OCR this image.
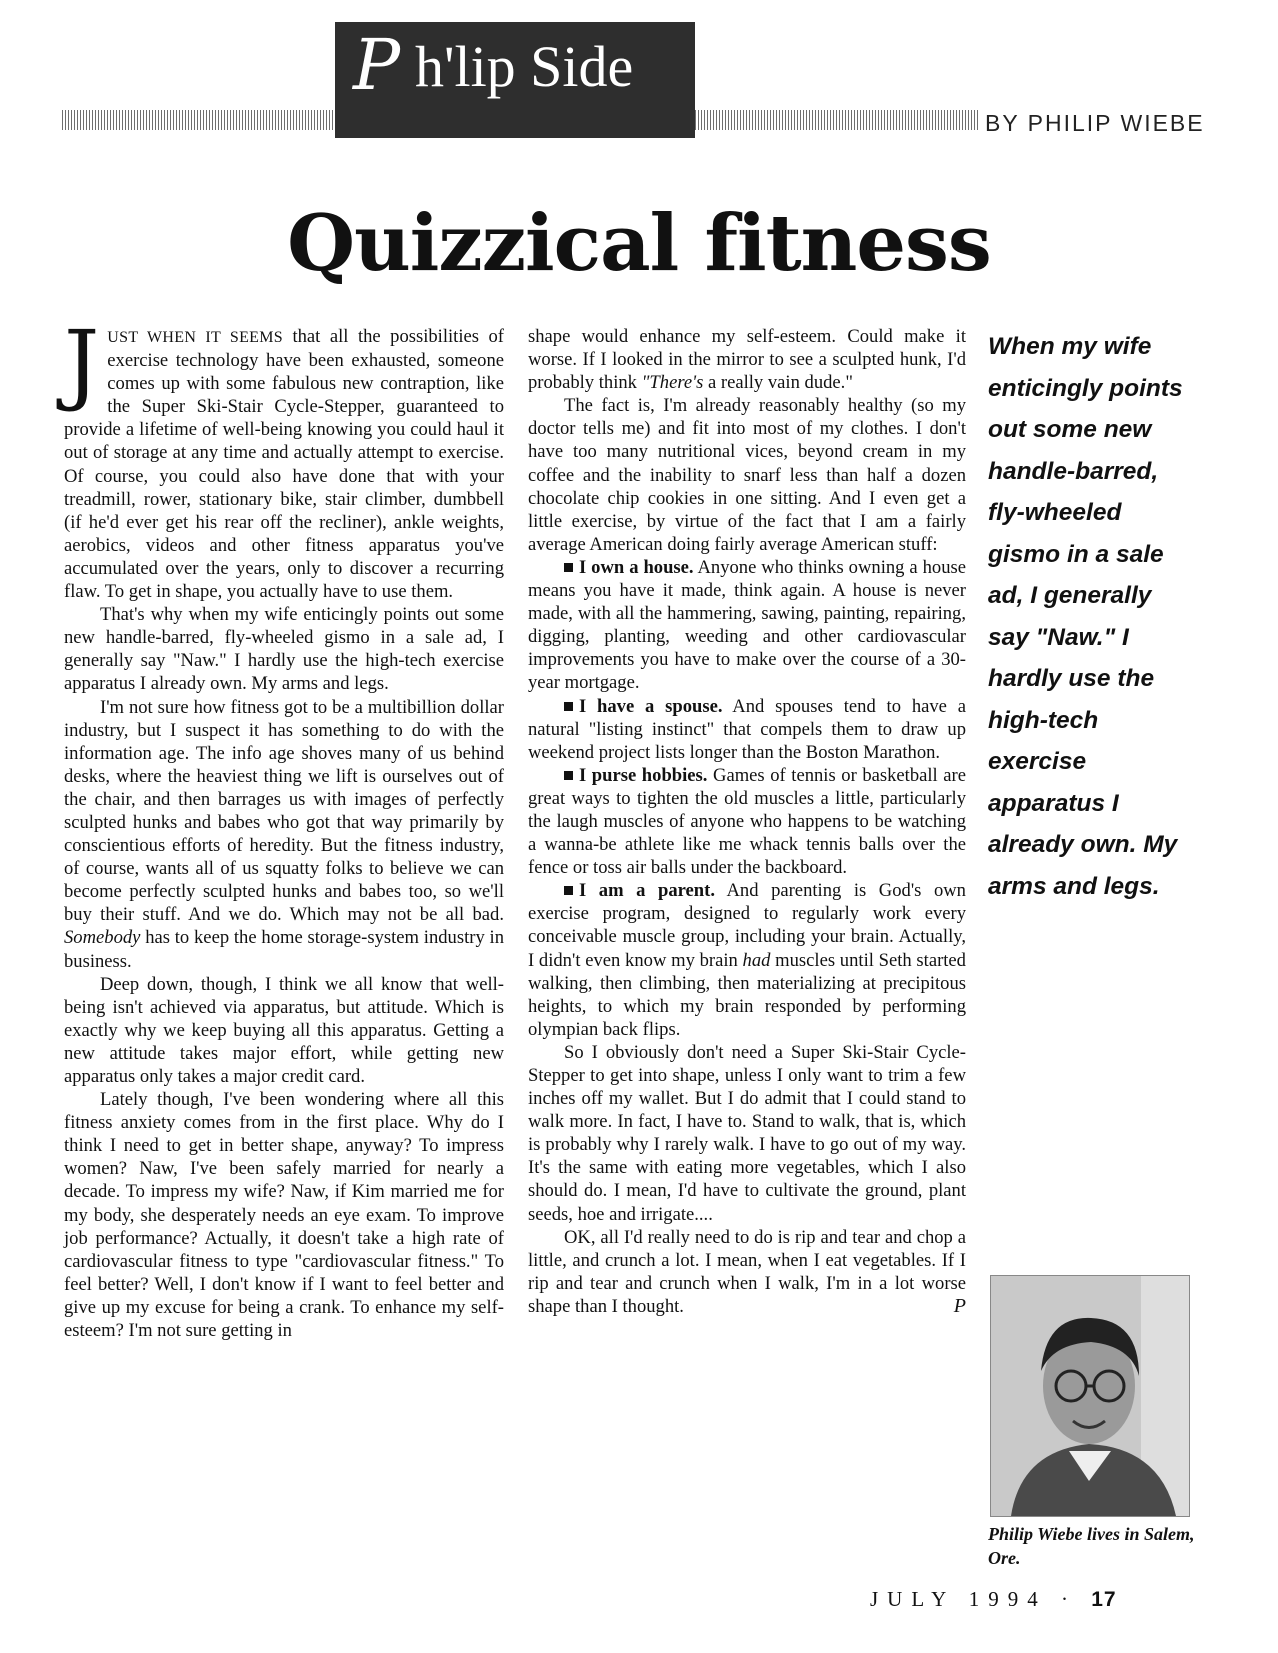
P h'lip Side
BY PHILIP WIEBE
Quizzical fitness

JUST WHEN IT SEEMS that all the possibilities of exercise technology have been exhausted, someone comes up with some fabulous new contraption, like the Super Ski-Stair Cycle-Stepper, guaranteed to provide a lifetime of well-being knowing you could haul it out of storage at any time and actually attempt to exercise. Of course, you could also have done that with your treadmill, rower, stationary bike, stair climber, dumbbell (if he'd ever get his rear off the recliner), ankle weights, aerobics, videos and other fitness apparatus you've accumulated over the years, only to discover a recurring flaw. To get in shape, you actually have to use them.

That's why when my wife enticingly points out some new handle-barred, fly-wheeled gismo in a sale ad, I generally say "Naw." I hardly use the high-tech exercise apparatus I already own. My arms and legs.

I'm not sure how fitness got to be a multibillion dollar industry, but I suspect it has something to do with the information age. The info age shoves many of us behind desks, where the heaviest thing we lift is ourselves out of the chair, and then barrages us with images of perfectly sculpted hunks and babes who got that way primarily by conscientious efforts of heredity. But the fitness industry, of course, wants all of us squatty folks to believe we can become perfectly sculpted hunks and babes too, so we'll buy their stuff. And we do. Which may not be all bad. Somebody has to keep the home storage-system industry in business.

Deep down, though, I think we all know that well-being isn't achieved via apparatus, but attitude. Which is exactly why we keep buying all this apparatus. Getting a new attitude takes major effort, while getting new apparatus only takes a major credit card.

Lately though, I've been wondering where all this fitness anxiety comes from in the first place. Why do I think I need to get in better shape, anyway? To impress women? Naw, I've been safely married for nearly a decade. To impress my wife? Naw, if Kim married me for my body, she desperately needs an eye exam. To improve job performance? Actually, it doesn't take a high rate of cardiovascular fitness to type "cardiovascular fitness." To feel better? Well, I don't know if I want to feel better and give up my excuse for being a crank. To enhance my self-esteem? I'm not sure getting in

shape would enhance my self-esteem. Could make it worse. If I looked in the mirror to see a sculpted hunk, I'd probably think "There's a really vain dude."

The fact is, I'm already reasonably healthy (so my doctor tells me) and fit into most of my clothes. I don't have too many nutritional vices, beyond cream in my coffee and the inability to snarf less than half a dozen chocolate chip cookies in one sitting. And I even get a little exercise, by virtue of the fact that I am a fairly average American doing fairly average American stuff:

I own a house. Anyone who thinks owning a house means you have it made, think again. A house is never made, with all the hammering, sawing, painting, repairing, digging, planting, weeding and other cardiovascular improvements you have to make over the course of a 30-year mortgage.

I have a spouse. And spouses tend to have a natural "listing instinct" that compels them to draw up weekend project lists longer than the Boston Marathon.

I purse hobbies. Games of tennis or basketball are great ways to tighten the old muscles a little, particularly the laugh muscles of anyone who happens to be watching a wanna-be athlete like me whack tennis balls over the fence or toss air balls under the backboard.

I am a parent. And parenting is God's own exercise program, designed to regularly work every conceivable muscle group, including your brain. Actually, I didn't even know my brain had muscles until Seth started walking, then climbing, then materializing at precipitous heights, to which my brain responded by performing olympian back flips.

So I obviously don't need a Super Ski-Stair Cycle-Stepper to get into shape, unless I only want to trim a few inches off my wallet. But I do admit that I could stand to walk more. In fact, I have to. Stand to walk, that is, which is probably why I rarely walk. I have to go out of my way. It's the same with eating more vegetables, which I also should do. I mean, I'd have to cultivate the ground, plant seeds, hoe and irrigate....

OK, all I'd really need to do is rip and tear and chop a little, and crunch a lot. I mean, when I eat vegetables. If I rip and tear and crunch when I walk, I'm in a lot worse shape than I thought.	P

When my wife enticingly points out some new handle-barred, fly-wheeled gismo in a sale ad, I generally say "Naw." I hardly use the high-tech exercise apparatus I already own. My arms and legs.
Philip Wiebe lives in Salem, Ore.
JULY 1994 · 17
